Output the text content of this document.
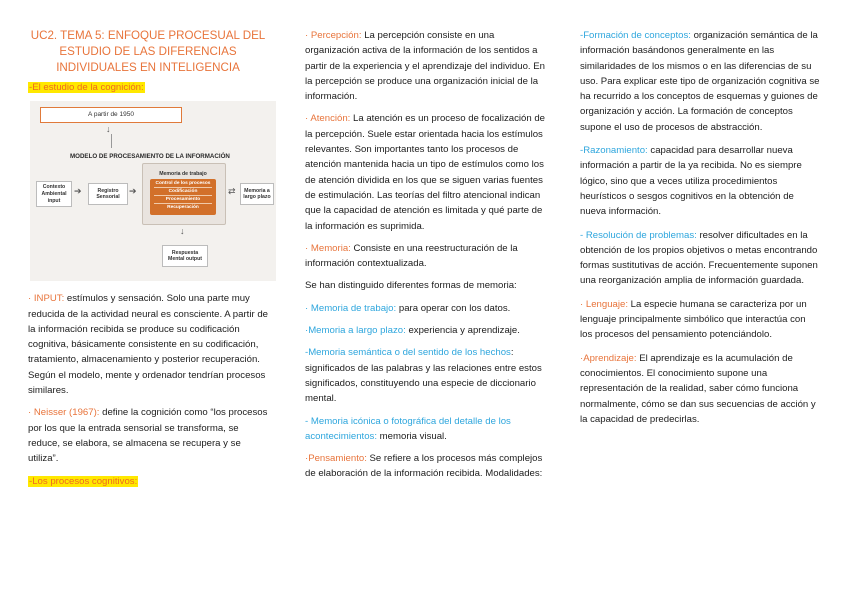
UC2. TEMA 5: ENFOQUE PROCESUAL DEL
ESTUDIO DE LAS DIFERENCIAS
INDIVIDUALES EN INTELIGENCIA
-El estudio de la cognición:
A partir de 1950
↓
MODELO DE PROCESAMIENTO DE LA INFORMACIÓN
Contexto Ambiental input
➔	Registro Sensorial
➔
Memoria de trabajo
Control de los procesos
Codificación
Procesamiento
Recuperación
⇄	Memoria a largo plazo
↓
Respuesta Mental output
· INPUT: estímulos y sensación. Solo una parte muy reducida de la actividad neural es consciente. A partir de la información recibida se produce su codificación cognitiva, básicamente consistente en su codificación, tratamiento, almacenamiento y posterior recuperación. Según el modelo, mente y ordenador tendrían procesos similares.
· Neisser (1967): define la cognición como “los procesos por los que la entrada sensorial se transforma, se reduce, se elabora, se almacena se recupera y se utiliza”.
-Los procesos cognitivos:
· Percepción: La percepción consiste en una organización activa de la información de los sentidos a partir de la experiencia y el aprendizaje del individuo. En la percepción se produce una organización inicial de la información.
· Atención: La atención es un proceso de focalización de la percepción. Suele estar orientada hacia los estímulos relevantes. Son importantes tanto los procesos de atención mantenida hacia un tipo de estímulos como los de atención dividida en los que se siguen varias fuentes de estimulación. Las teorías del filtro atencional indican que la capacidad de atención es limitada y qué parte de la información es suprimida.
· Memoria: Consiste en una reestructuración de la información contextualizada.
Se han distinguido diferentes formas de memoria:
· Memoria de trabajo: para operar con los datos.
·Memoria a largo plazo: experiencia y aprendizaje.
-Memoria semántica o del sentido de los hechos: significados de las palabras y las relaciones entre estos significados, constituyendo una especie de diccionario mental.
- Memoria icónica o fotográfica del detalle de los acontecimientos: memoria visual.
·Pensamiento: Se refiere a los procesos más complejos de elaboración de la información recibida. Modalidades:
-Formación de conceptos: organización semántica de la información basándonos generalmente en las similaridades de los mismos o en las diferencias de su uso. Para explicar este tipo de organización cognitiva se ha recurrido a los conceptos de esquemas y guiones de organización y acción. La formación de conceptos supone el uso de procesos de abstracción.
-Razonamiento: capacidad para desarrollar nueva información a partir de la ya recibida. No es siempre lógico, sino que a veces utiliza procedimientos heurísticos o sesgos cognitivos en la obtención de nueva información.
- Resolución de problemas: resolver dificultades en la obtención de los propios objetivos o metas encontrando formas sustitutivas de acción. Frecuentemente suponen una reorganización amplia de información guardada.
· Lenguaje: La especie humana se caracteriza por un lenguaje principalmente simbólico que interactúa con los procesos del pensamiento potenciándolo.
·Aprendizaje: El aprendizaje es la acumulación de conocimientos. El conocimiento supone una representación de la realidad, saber cómo funciona normalmente, cómo se dan sus secuencias de acción y la capacidad de predecirlas.
